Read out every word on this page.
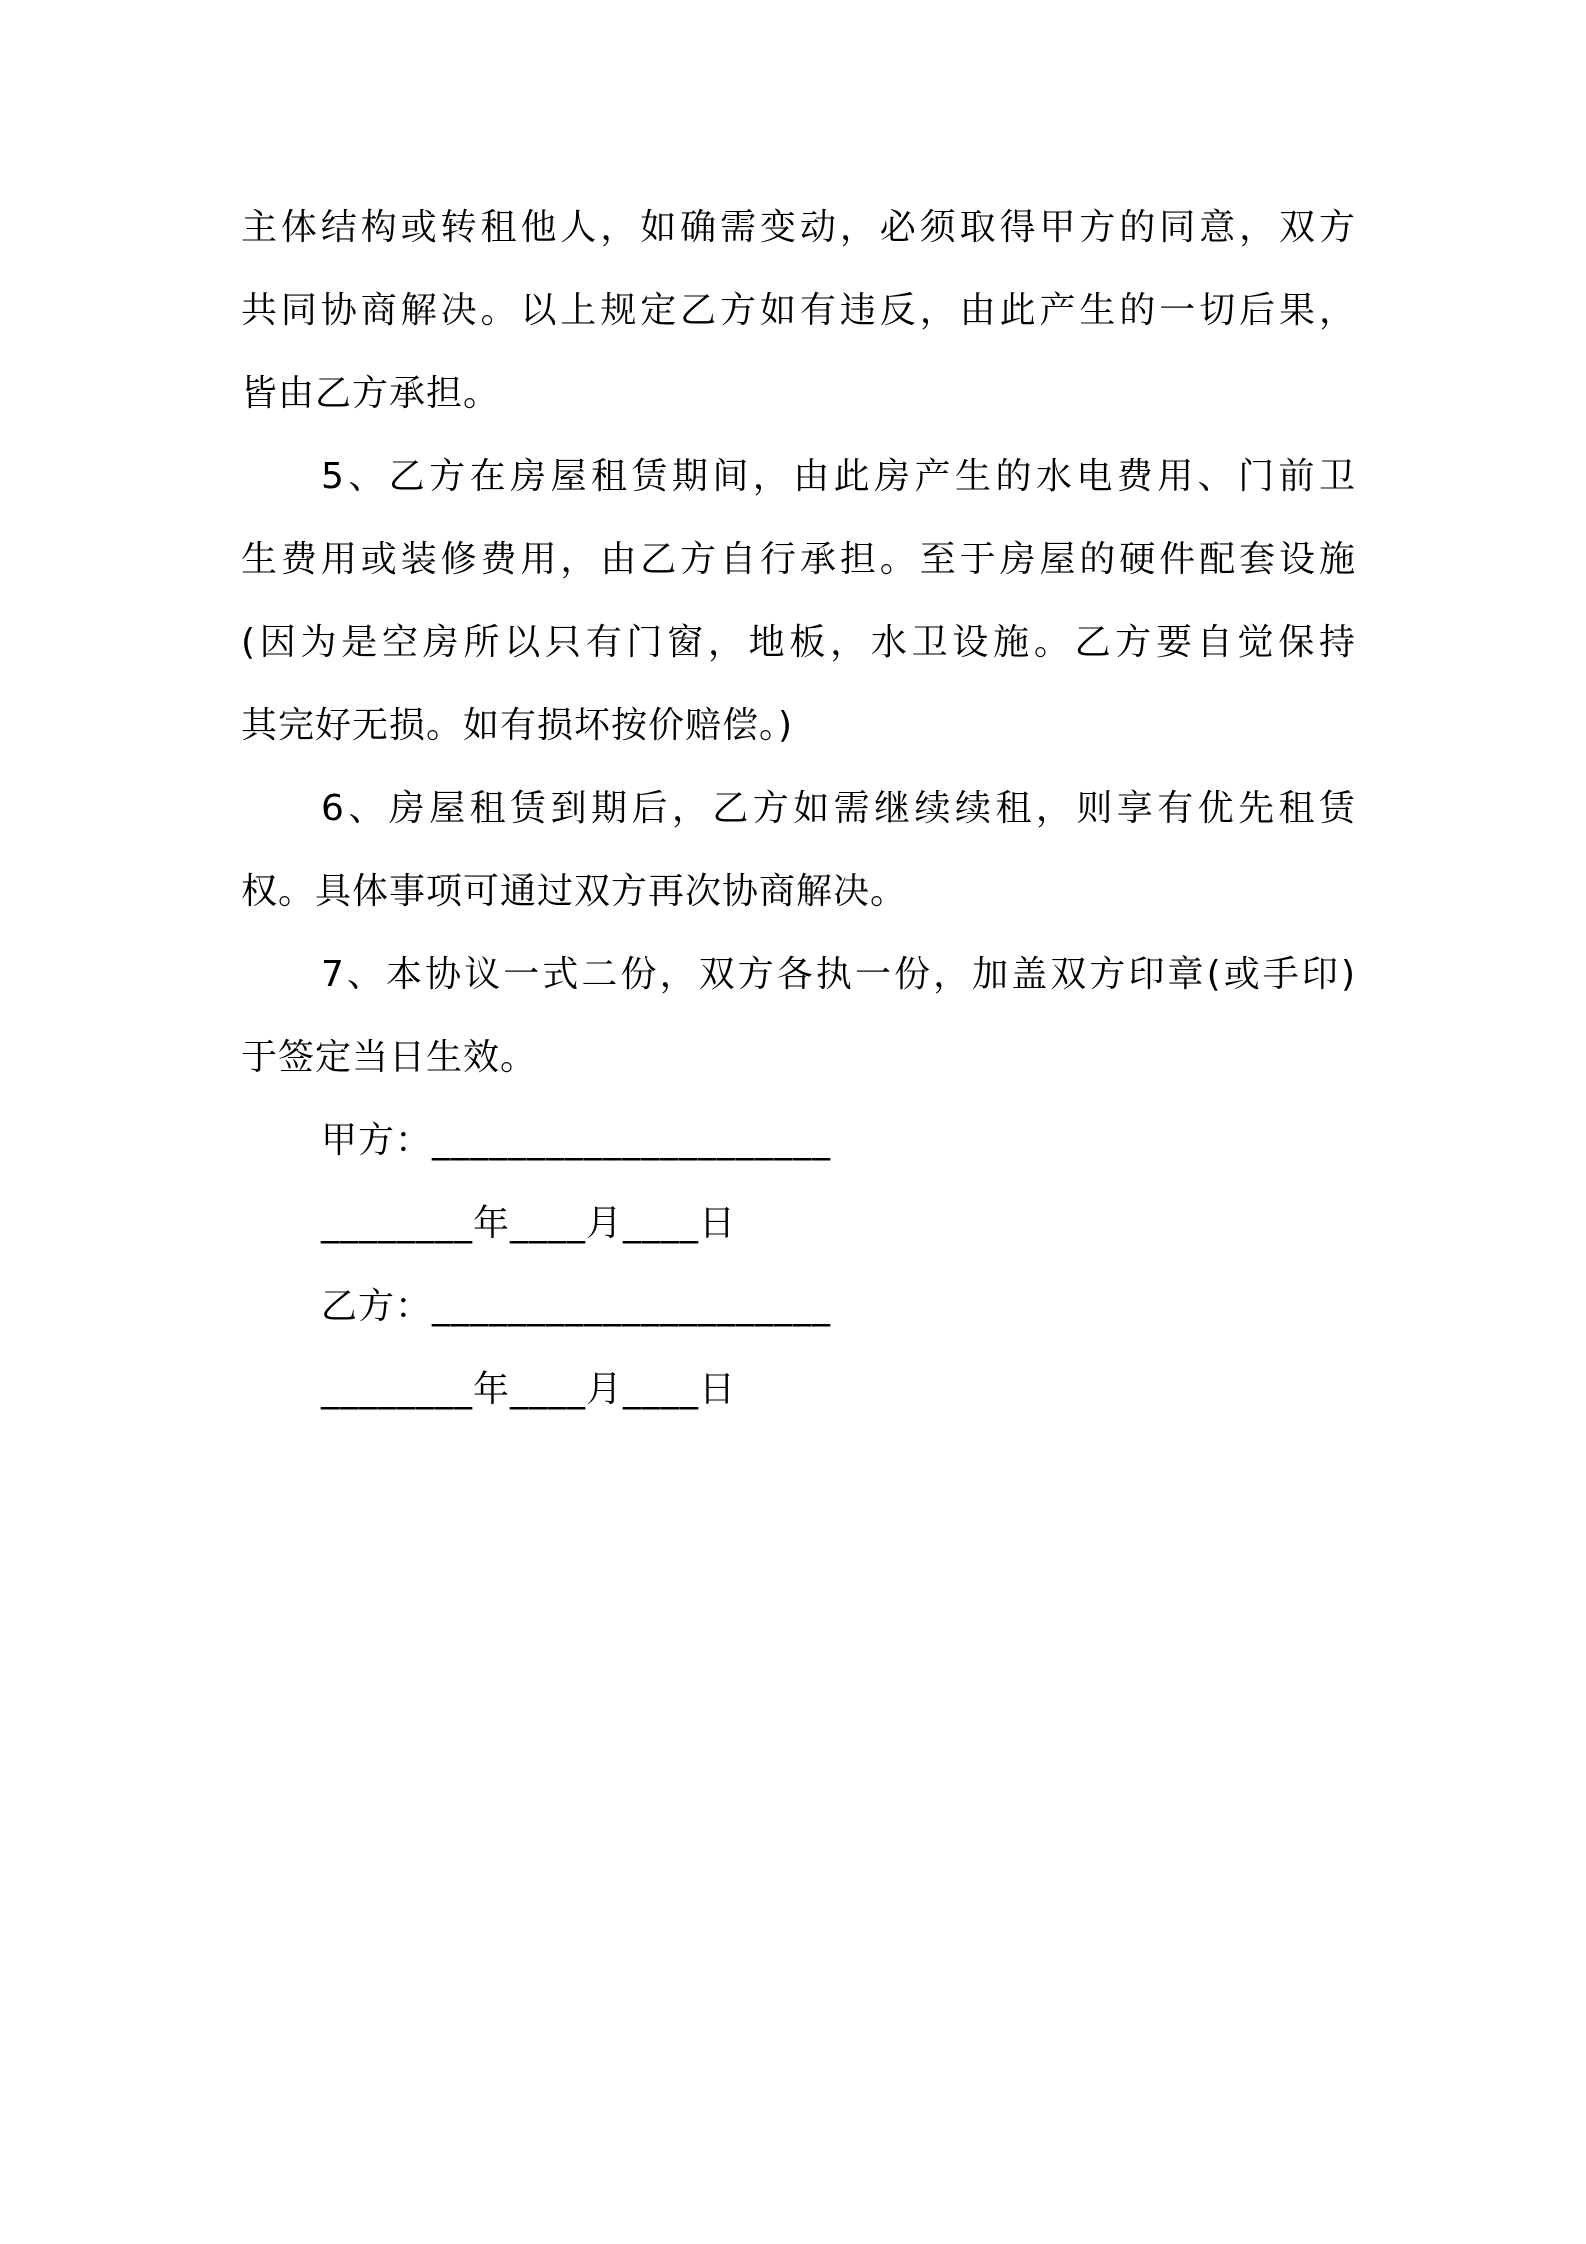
主体结构或转租他人，如确需变动，必须取得甲方的同意，双方
共同协商解决。以上规定乙方如有违反，由此产生的一切后果，
皆由乙方承担。
5、乙方在房屋租赁期间，由此房产生的水电费用、门前卫
生费用或装修费用，由乙方自行承担。至于房屋的硬件配套设施
(因为是空房所以只有门窗，地板，水卫设施。乙方要自觉保持
其完好无损。如有损坏按价赔偿。)
6、房屋租赁到期后，乙方如需继续续租，则享有优先租赁
权。具体事项可通过双方再次协商解决。
7、本协议一式二份，双方各执一份，加盖双方印章(或手印)
于签定当日生效。
甲方：_____________________
________年____月____日
乙方：_____________________
________年____月____日
